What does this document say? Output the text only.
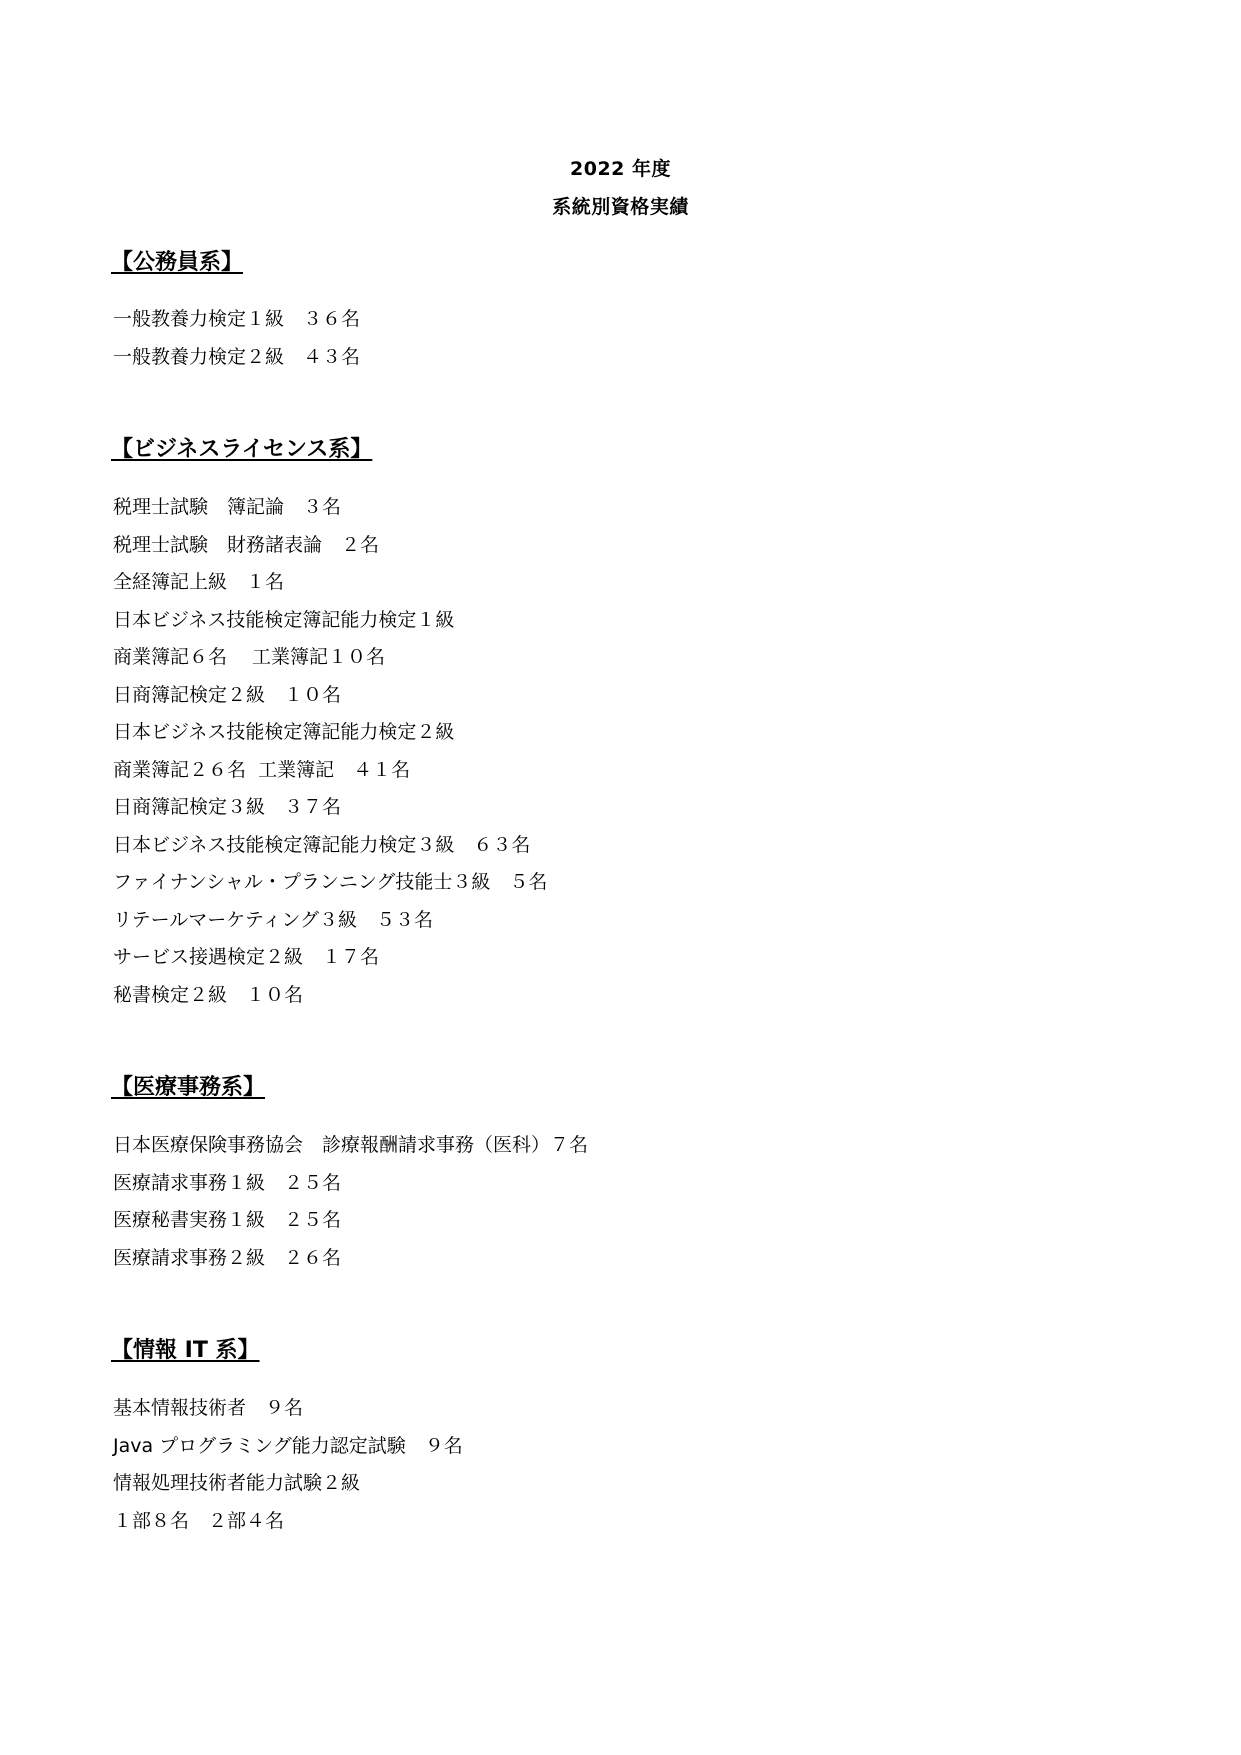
2022 年度
系統別資格実績
【公務員系】
一般教養力検定１級　３６名
一般教養力検定２級　４３名
【ビジネスライセンス系】
税理士試験　簿記論　３名
税理士試験　財務諸表論　２名
全経簿記上級　１名
日本ビジネス技能検定簿記能力検定１級
商業簿記６名　 工業簿記１０名
日商簿記検定２級　１０名
日本ビジネス技能検定簿記能力検定２級
商業簿記２６名  工業簿記　４１名
日商簿記検定３級　３７名
日本ビジネス技能検定簿記能力検定３級　６３名
ファイナンシャル・プランニング技能士３級　５名
リテールマーケティング３級　５３名
サービス接遇検定２級　１７名
秘書検定２級　１０名
【医療事務系】
日本医療保険事務協会　診療報酬請求事務（医科）７名
医療請求事務１級　２５名
医療秘書実務１級　２５名
医療請求事務２級　２６名
【情報 IT 系】
基本情報技術者　９名
Java プログラミング能力認定試験　９名
情報処理技術者能力試験２級
１部８名　２部４名
